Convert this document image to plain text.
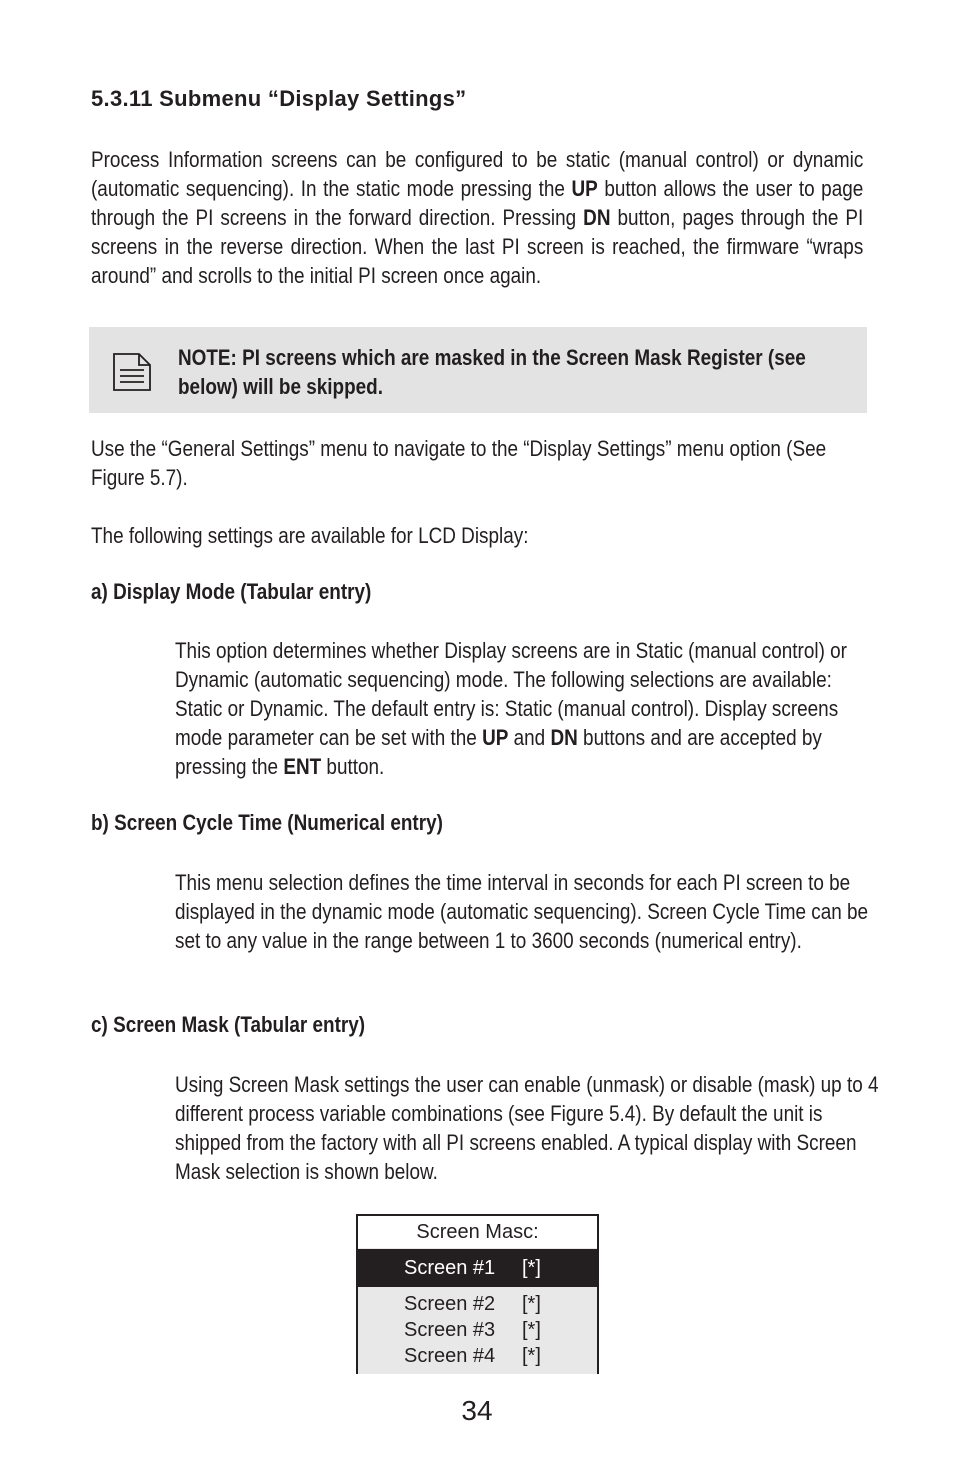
5.3.11 Submenu “Display Settings”
Process Information screens can be configured to be static (manual control) or dynamic (automatic sequencing). In the static mode pressing the UP button allows the user to page through the PI screens in the forward direction. Pressing DN button, pages through the PI screens in the reverse direction. When the last PI screen is reached, the firmware “wraps around” and scrolls to the initial PI screen once again.
NOTE: PI screens which are masked in the Screen Mask Register (see below) will be skipped.
Use the “General Settings” menu to navigate to the “Display Settings” menu option (See Figure 5.7).
The following settings are available for LCD Display:
a) Display Mode (Tabular entry)
This option determines whether Display screens are in Static (manual control) or Dynamic (automatic sequencing) mode. The following selections are available: Static or Dynamic. The default entry is: Static (manual control). Display screens mode parameter can be set with the UP and DN buttons and are accepted by pressing the ENT button.
b) Screen Cycle Time (Numerical entry)
This menu selection defines the time interval in seconds for each PI screen to be displayed in the dynamic mode (automatic sequencing). Screen Cycle Time can be set to any value in the range between 1 to 3600 seconds (numerical entry).
c) Screen Mask (Tabular entry)
Using Screen Mask settings the user can enable (unmask) or disable (mask) up to 4 different process variable combinations (see Figure 5.4). By default the unit is shipped from the factory with all PI screens enabled. A typical display with Screen Mask selection is shown below.
Screen Masc:
Screen #1 [*]
Screen #2 [*]
Screen #3 [*]
Screen #4 [*]
34
